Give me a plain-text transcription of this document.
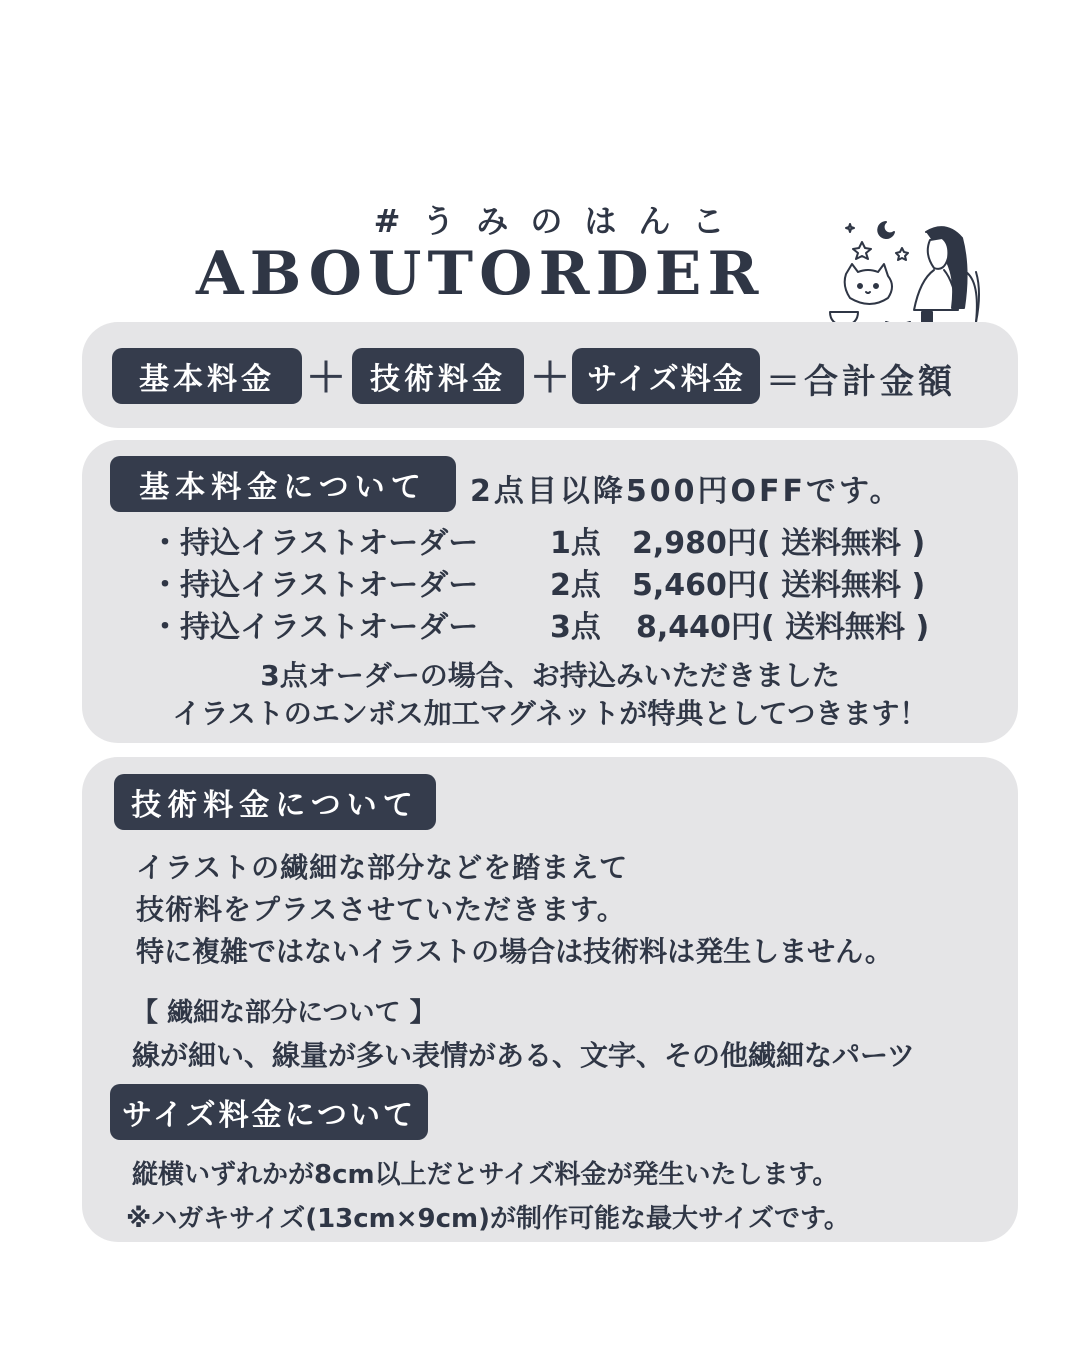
#うみのはんこ
ABOUTORDER
基本料金 ＋ 技術料金 ＋ サイズ料金 ＝合計金額
基本料金について	2点目以降500円OFFです。
・持込イラストオーダー 1点 2,980円( 送料無料 )
・持込イラストオーダー 2点 5,460円( 送料無料 )
・持込イラストオーダー 3点 8,440円( 送料無料 )
3点オーダーの場合、お持込みいただきました
イラストのエンボス加工マグネットが特典としてつきます！
技術料金について
イラストの繊細な部分などを踏まえて
技術料をプラスさせていただきます。
特に複雑ではないイラストの場合は技術料は発生しません。
【 繊細な部分について 】
線が細い、線量が多い表情がある、文字、その他繊細なパーツ
サイズ料金について
縦横いずれかが8cm以上だとサイズ料金が発生いたします。
※ハガキサイズ(13cm×9cm)が制作可能な最大サイズです。
